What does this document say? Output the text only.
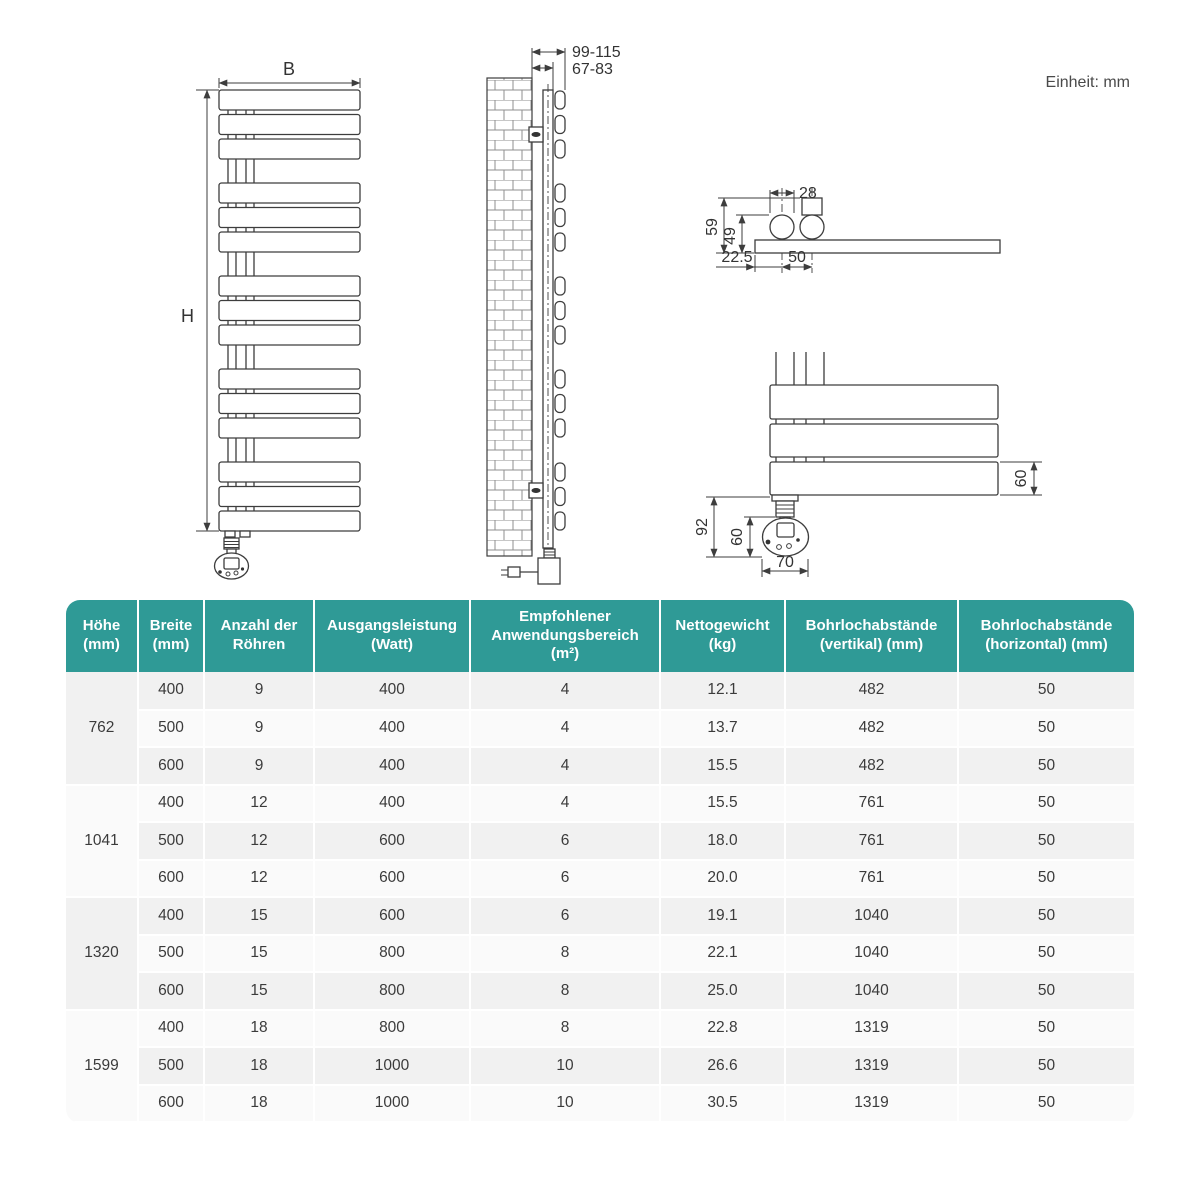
Einheit: mm
B
H
99-115
67-83
28
59
49
22.5 50
60
92
60
70
Höhe (mm)	Breite (mm)	Anzahl der Röhren	Ausgangsleistung (Watt)	Empfohlener Anwendungsbereich (m²)	Nettogewicht (kg)	Bohrlochabstände (vertikal) (mm)	Bohrlochabstände (horizontal) (mm)
762	400	9	400	4	12.1	482	50
	500	9	400	4	13.7	482	50
	600	9	400	4	15.5	482	50
1041	400	12	400	4	15.5	761	50
	500	12	600	6	18.0	761	50
	600	12	600	6	20.0	761	50
1320	400	15	600	6	19.1	1040	50
	500	15	800	8	22.1	1040	50
	600	15	800	8	25.0	1040	50
1599	400	18	800	8	22.8	1319	50
	500	18	1000	10	26.6	1319	50
	600	18	1000	10	30.5	1319	50
